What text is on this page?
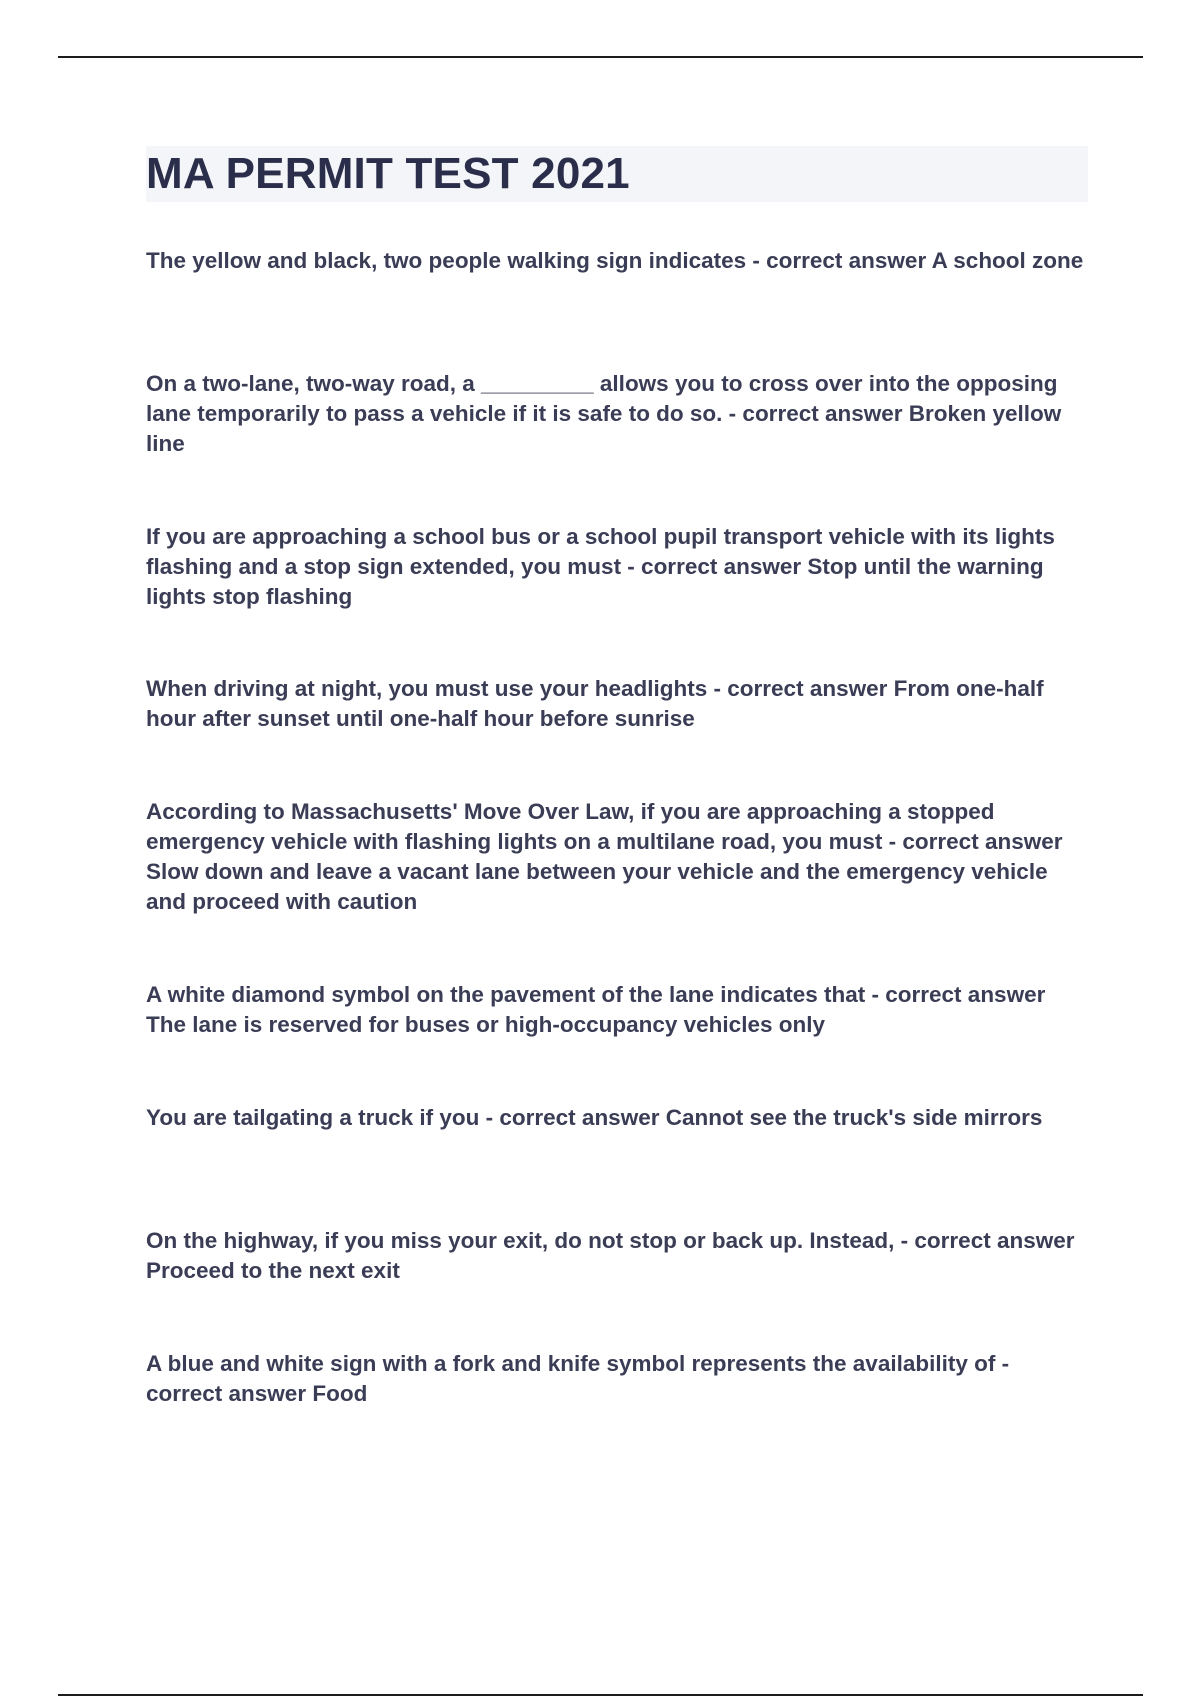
MA PERMIT TEST 2021

The yellow and black, two people walking sign indicates - correct answer A school zone

On a two-lane, two-way road, a _________ allows you to cross over into the opposing lane temporarily to pass a vehicle if it is safe to do so. - correct answer Broken yellow line

If you are approaching a school bus or a school pupil transport vehicle with its lights flashing and a stop sign extended, you must - correct answer Stop until the warning lights stop flashing

When driving at night, you must use your headlights - correct answer From one-half hour after sunset until one-half hour before sunrise

According to Massachusetts' Move Over Law, if you are approaching a stopped emergency vehicle with flashing lights on a multilane road, you must - correct answer Slow down and leave a vacant lane between your vehicle and the emergency vehicle and proceed with caution

A white diamond symbol on the pavement of the lane indicates that - correct answer The lane is reserved for buses or high-occupancy vehicles only

You are tailgating a truck if you - correct answer Cannot see the truck's side mirrors

On the highway, if you miss your exit, do not stop or back up. Instead, - correct answer Proceed to the next exit

A blue and white sign with a fork and knife symbol represents the availability of - correct answer Food
